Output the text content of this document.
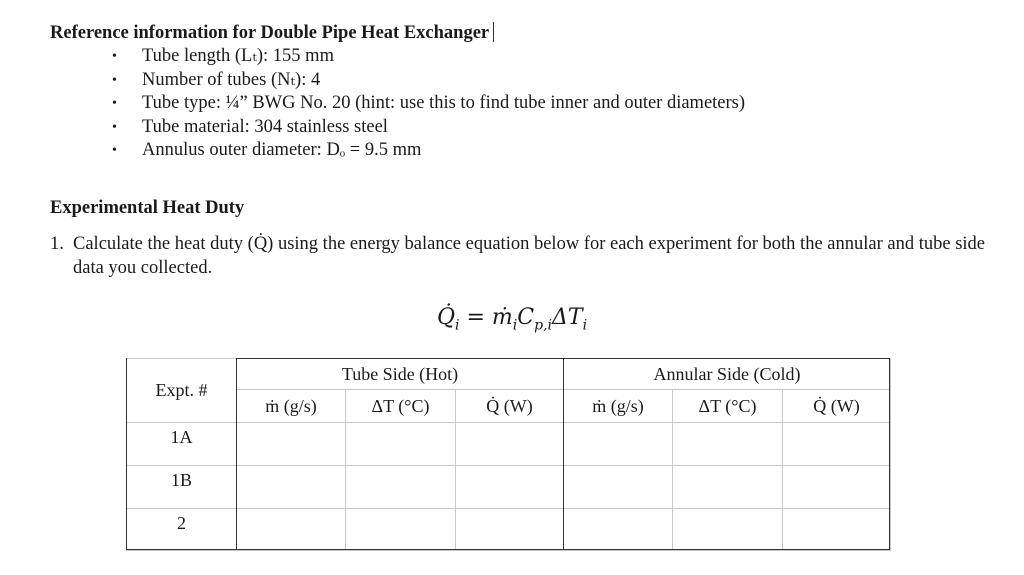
Reference information for Double Pipe Heat Exchanger
• Tube length (Lₜ): 155 mm
• Number of tubes (Nₜ): 4
• Tube type: ¼” BWG No. 20 (hint: use this to find tube inner and outer diameters)
• Tube material: 304 stainless steel
• Annulus outer diameter: Dₒ = 9.5 mm
Experimental Heat Duty
1. Calculate the heat duty (Q̇) using the energy balance equation below for each experiment for both the annular and tube side data you collected.
$Q̇_i$ = $ṁ_iC_{p,i}\Delta T_i$
Expt. #	Tube Side (Hot)			Annular Side (Cold)		
	ṁ (g/s)	ΔT (°C)	Q̇ (W)	ṁ (g/s)	ΔT (°C)	Q̇ (W)
1A						
1B						
2						
